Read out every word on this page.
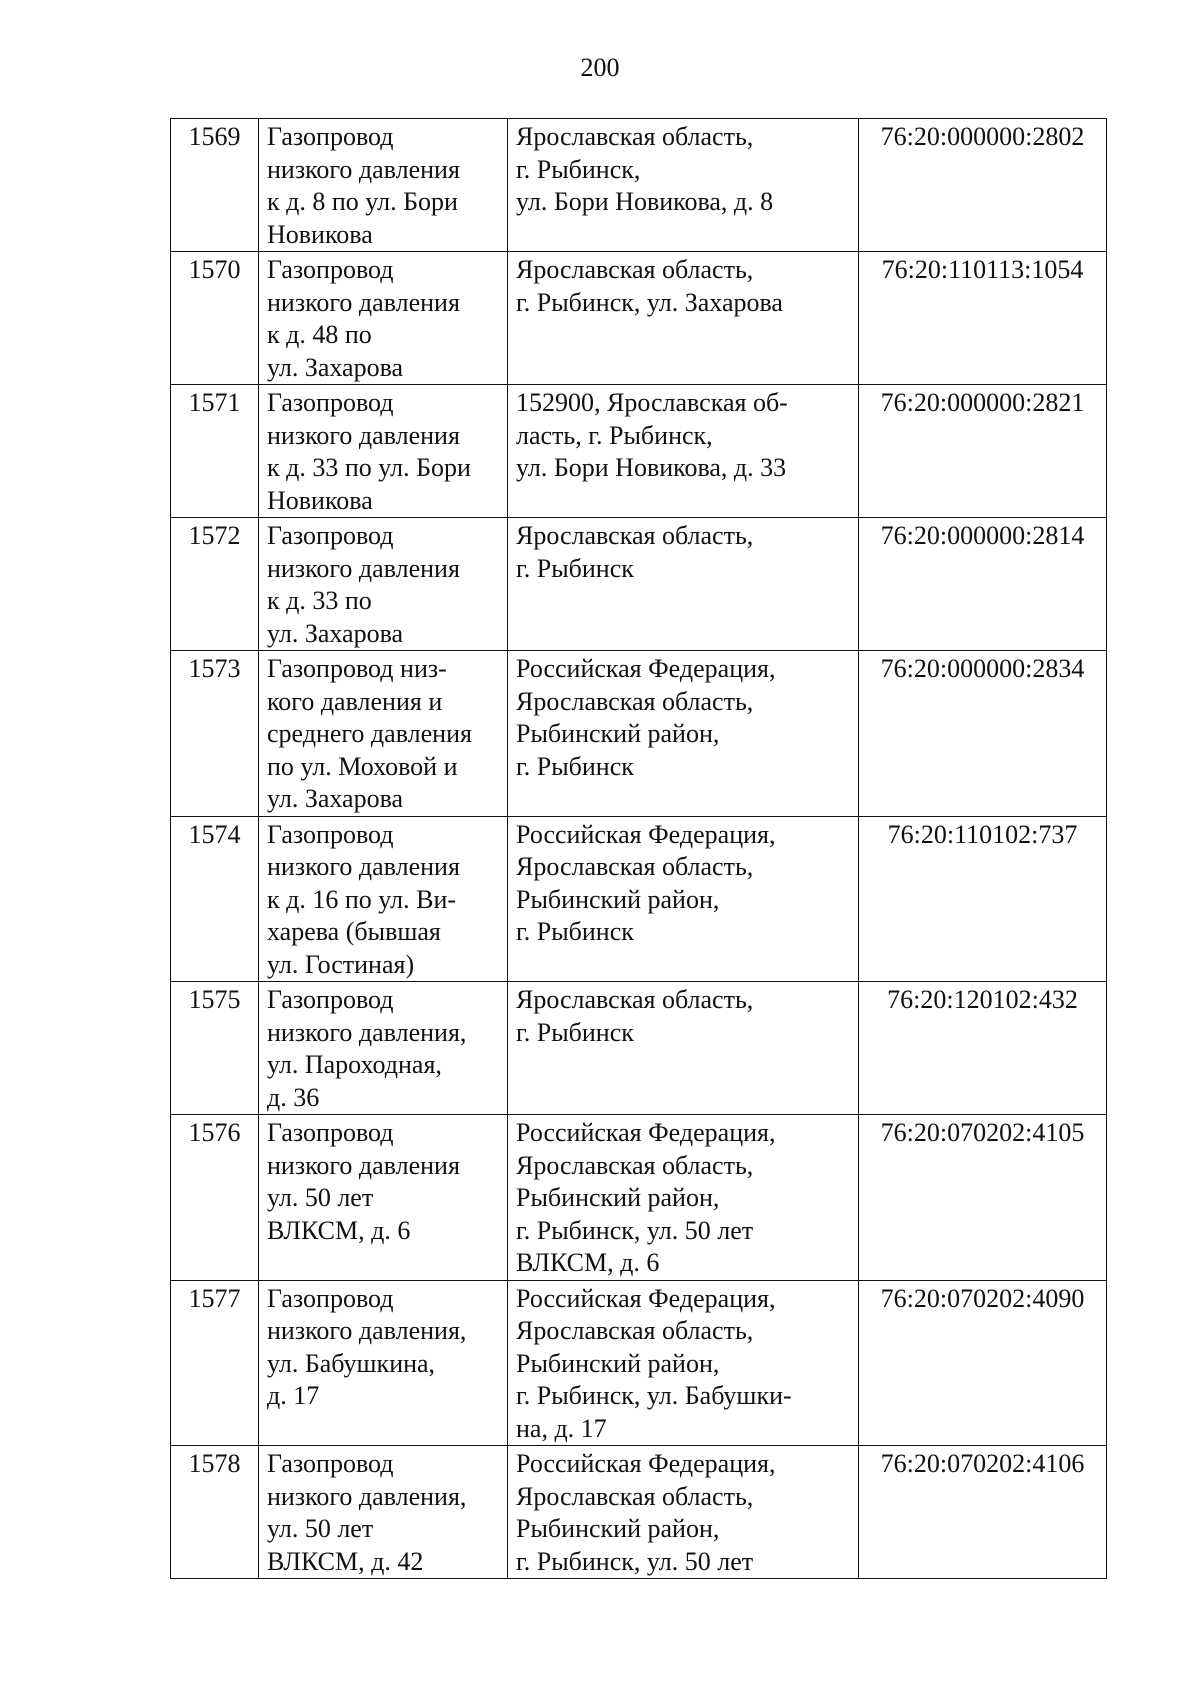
200
1569	Газопровод
низкого давления
к д. 8 по ул. Бори
Новикова	Ярославская область,
г. Рыбинск,
ул. Бори Новикова, д. 8	76:20:000000:2802
1570	Газопровод
низкого давления
к д. 48 по
ул. Захарова	Ярославская область,
г. Рыбинск, ул. Захарова	76:20:110113:1054
1571	Газопровод
низкого давления
к д. 33 по ул. Бори
Новикова	152900, Ярославская об-
ласть, г. Рыбинск,
ул. Бори Новикова, д. 33	76:20:000000:2821
1572	Газопровод
низкого давления
к д. 33 по
ул. Захарова	Ярославская область,
г. Рыбинск	76:20:000000:2814
1573	Газопровод низ-
кого давления и
среднего давления
по ул. Моховой и
ул. Захарова	Российская Федерация,
Ярославская область,
Рыбинский район,
г. Рыбинск	76:20:000000:2834
1574	Газопровод
низкого давления
к д. 16 по ул. Ви-
харева (бывшая
ул. Гостиная)	Российская Федерация,
Ярославская область,
Рыбинский район,
г. Рыбинск	76:20:110102:737
1575	Газопровод
низкого давления,
ул. Пароходная,
д. 36	Ярославская область,
г. Рыбинск	76:20:120102:432
1576	Газопровод
низкого давления
ул. 50 лет
ВЛКСМ, д. 6	Российская Федерация,
Ярославская область,
Рыбинский район,
г. Рыбинск, ул. 50 лет
ВЛКСМ, д. 6	76:20:070202:4105
1577	Газопровод
низкого давления,
ул. Бабушкина,
д. 17	Российская Федерация,
Ярославская область,
Рыбинский район,
г. Рыбинск, ул. Бабушки-
на, д. 17	76:20:070202:4090
1578	Газопровод
низкого давления,
ул. 50 лет
ВЛКСМ, д. 42	Российская Федерация,
Ярославская область,
Рыбинский район,
г. Рыбинск, ул. 50 лет	76:20:070202:4106
